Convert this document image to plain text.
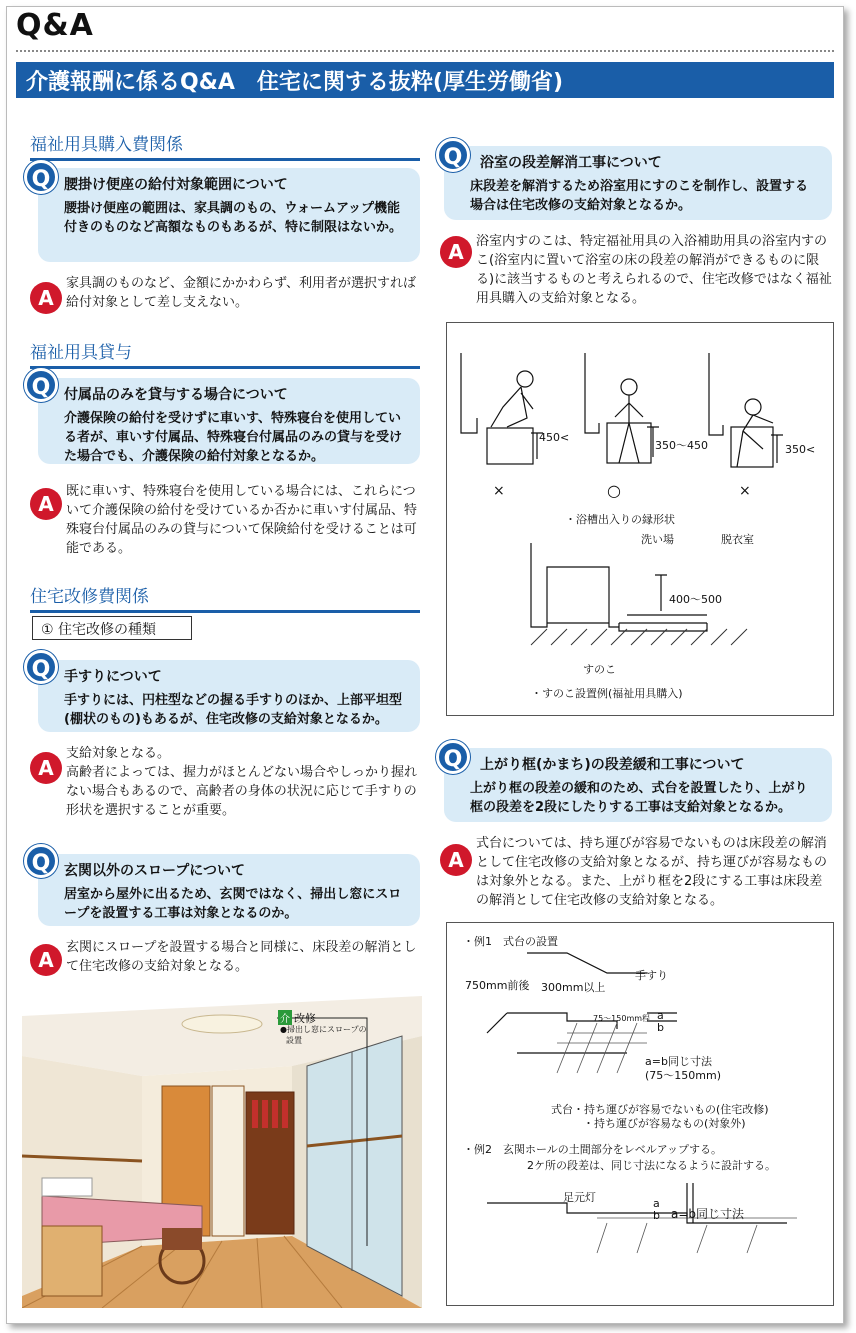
Q&A
介護報酬に係るQ&A　住宅に関する抜粋(厚生労働省)
福祉用具購入費関係
腰掛け便座の給付対象範囲について
腰掛け便座の範囲は、家具調のもの、ウォームアップ機能付きのものなど高額なものもあるが、特に制限はないか。
Q
A
家具調のものなど、金額にかかわらず、利用者が選択すれば給付対象として差し支えない。
福祉用具貸与
付属品のみを貸与する場合について
介護保険の給付を受けずに車いす、特殊寝台を使用している者が、車いす付属品、特殊寝台付属品のみの貸与を受けた場合でも、介護保険の給付対象となるか。
Q
A
既に車いす、特殊寝台を使用している場合には、これらについて介護保険の給付を受けているか否かに車いす付属品、特殊寝台付属品のみの貸与について保険給付を受けることは可能である。
住宅改修費関係
① 住宅改修の種類
手すりについて
手すりには、円柱型などの握る手すりのほか、上部平坦型(棚状のもの)もあるが、住宅改修の支給対象となるか。
Q
A
支給対象となる。
高齢者によっては、握力がほとんどない場合やしっかり握れない場合もあるので、高齢者の身体の状況に応じて手すりの形状を選択することが重要。
玄関以外のスロープについて
居室から屋外に出るため、玄関ではなく、掃出し窓にスロープを設置する工事は対象となるのか。
Q
A
玄関にスロープを設置する場合と同様に、床段差の解消として住宅改修の支給対象となる。
介 改修
●掃出し窓にスロープの
設置
浴室の段差解消工事について
床段差を解消するため浴室用にすのこを制作し、設置する場合は住宅改修の支給対象となるか。
Q
A 浴室内すのこは、特定福祉用具の入浴補助用具の浴室内すのこ(浴室内に置いて浴室の床の段差の解消ができるものに限る)に該当するものと考えられるので、住宅改修ではなく福祉用具購入の支給対象となる。
450<
350〜450	350<
×	○	×
・浴槽出入りの縁形状
洗い場	脱衣室
400〜500
すのこ
・すのこ設置例(福祉用具購入)
上がり框(かまち)の段差緩和工事について
上がり框の段差の緩和のため、式台を設置したり、上がり框の段差を2段にしたりする工事は支給対象となるか。
Q
A
式台については、持ち運びが容易でないものは床段差の解消として住宅改修の支給対象となるが、持ち運びが容易なものは対象外となる。また、上がり框を2段にする工事は床段差の解消として住宅改修の支給対象となる。
・例1　式台の設置
手すり
750mm前後 300mm以上
75〜150mm程 a
b
a=b同じ寸法
(75〜150mm)
式台・持ち運びが容易でないもの(住宅改修)
・持ち運びが容易なもの(対象外)
・例2　玄関ホールの土間部分をレベルアップする。
2ケ所の段差は、同じ寸法になるように設計する。
足元灯	a
b a=b同じ寸法
